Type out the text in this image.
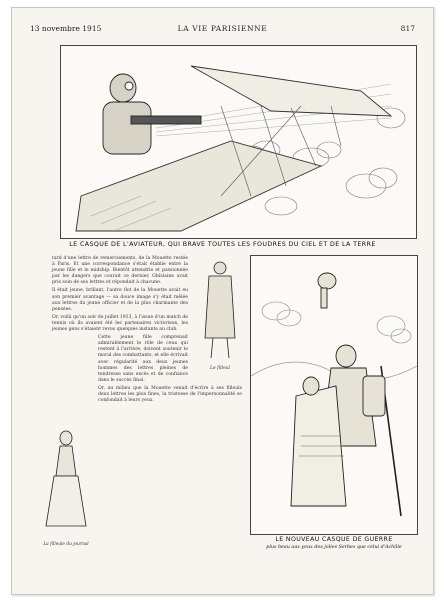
13 novembre 1915	LA VIE PARISIENNE	817
LE CASQUE DE L'AVIATEUR, QUI BRAVE TOUTES LES FOUDRES DU CIEL ET DE LA TERRE

tard d'une lettre de remerciements, de la Mouette restée à Paris. Et une correspondance s'était établie entre la jeune fille et le midship. Bientôt attendrie et passionnée par les dangers que courait ce dernier, Ghislaine avait pris soin de ses lettres et répondait à chacune.

Il était jeune, brillant, l'autre flot de la Mouette avait eu son premier avantage — sa douce image s'y était mêlée aux lettres du jeune officier et de la plus charmante des pensées.

Or, voilà qu'un soir de juillet 1913, à l'issue d'un match de tennis où ils avaient été les partenaires victorieux, les jeunes gens s'étaient revus quelques instants au club.

Cette jeune fille comprenait admirablement le rôle de ceux qui restent à l'arrière, doivent soutenir le moral des combattants, et elle écrivait avec régularité aux deux jeunes hommes des lettres pleines de tendresse sans excès et de confiance dans le succès final.

Or, au milieu que la Mouette venait d'écrire à ses filleuls deux lettres les plus fines, la tristesse de l'impersonnalité se confondait à leurs yeux.

Le filleul
La filleule du journal
LE NOUVEAU CASQUE DE GUERRE
plus beau aux yeux des jolies Serbes que celui d'Achille
